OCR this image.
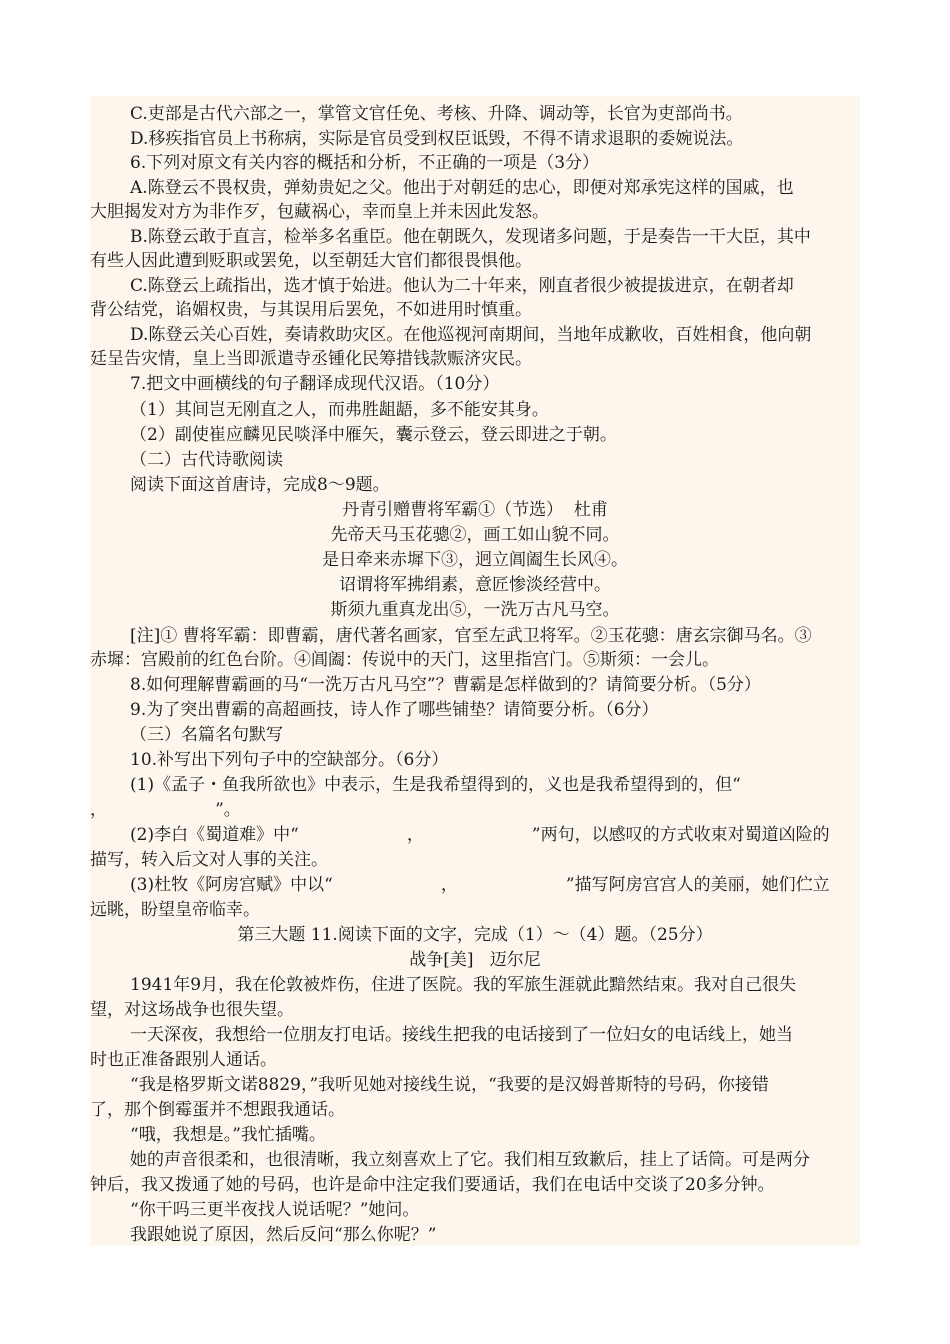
C.吏部是古代六部之一，掌管文官任免、考核、升降、调动等，长官为吏部尚书。
D.移疾指官员上书称病，实际是官员受到权臣诋毁，不得不请求退职的委婉说法。
6.下列对原文有关内容的概括和分析，不正确的一项是（3分）
A.陈登云不畏权贵，弹劾贵妃之父。他出于对朝廷的忠心，即便对郑承宪这样的国戚，也
大胆揭发对方为非作歹，包藏祸心，幸而皇上并未因此发怒。
B.陈登云敢于直言，检举多名重臣。他在朝既久，发现诸多问题，于是奏告一干大臣，其中
有些人因此遭到贬职或罢免，以至朝廷大官们都很畏惧他。
C.陈登云上疏指出，选才慎于始进。他认为二十年来，刚直者很少被提拔进京，在朝者却
背公结党，谄媚权贵，与其误用后罢免，不如进用时慎重。
D.陈登云关心百姓，奏请救助灾区。在他巡视河南期间，当地年成歉收，百姓相食，他向朝
廷呈告灾情，皇上当即派遣寺丞锺化民筹措钱款赈济灾民。
7.把文中画横线的句子翻译成现代汉语。（10分）
（1）其间岂无刚直之人，而弗胜龃龉，多不能安其身。
（2）副使崔应麟见民啖泽中雁矢，囊示登云，登云即进之于朝。
（二）古代诗歌阅读
阅读下面这首唐诗，完成8～9题。
丹青引赠曹将军霸①（节选）  杜甫
先帝天马玉花骢②，画工如山貌不同。
是日牵来赤墀下③，迥立阊阖生长风④。
诏谓将军拂绢素，意匠惨淡经营中。
斯须九重真龙出⑤，一洗万古凡马空。
[注]① 曹将军霸：即曹霸，唐代著名画家，官至左武卫将军。②玉花骢：唐玄宗御马名。③
赤墀：宫殿前的红色台阶。④阊阖：传说中的天门，这里指宫门。⑤斯须：一会儿。
8.如何理解曹霸画的马“一洗万古凡马空”？曹霸是怎样做到的？请简要分析。（5分）
9.为了突出曹霸的高超画技，诗人作了哪些铺垫？请简要分析。（6分）
（三）名篇名句默写
10.补写出下列句子中的空缺部分。（6分）
(1)《孟子・鱼我所欲也》中表示，生是我希望得到的，义也是我希望得到的，但“
，                    ”。
(2)李白《蜀道难》中“                    ，                    ”两句，以感叹的方式收束对蜀道凶险的
描写，转入后文对人事的关注。
(3)杜牧《阿房宫赋》中以“                    ，                    ”描写阿房宫宫人的美丽，她们伫立
远眺，盼望皇帝临幸。
第三大题 11.阅读下面的文字，完成（1）～（4）题。（25分）
战争[美]   迈尔尼
1941年9月，我在伦敦被炸伤，住进了医院。我的军旅生涯就此黯然结束。我对自己很失
望，对这场战争也很失望。
一天深夜，我想给一位朋友打电话。接线生把我的电话接到了一位妇女的电话线上，她当
时也正准备跟别人通话。
“我是格罗斯文诺8829，”我听见她对接线生说，“我要的是汉姆普斯特的号码，你接错
了，那个倒霉蛋并不想跟我通话。
“哦，我想是。”我忙插嘴。
她的声音很柔和，也很清晰，我立刻喜欢上了它。我们相互致歉后，挂上了话筒。可是两分
钟后，我又拨通了她的号码，也许是命中注定我们要通话，我们在电话中交谈了20多分钟。
“你干吗三更半夜找人说话呢？”她问。
我跟她说了原因，然后反问“那么你呢？”
